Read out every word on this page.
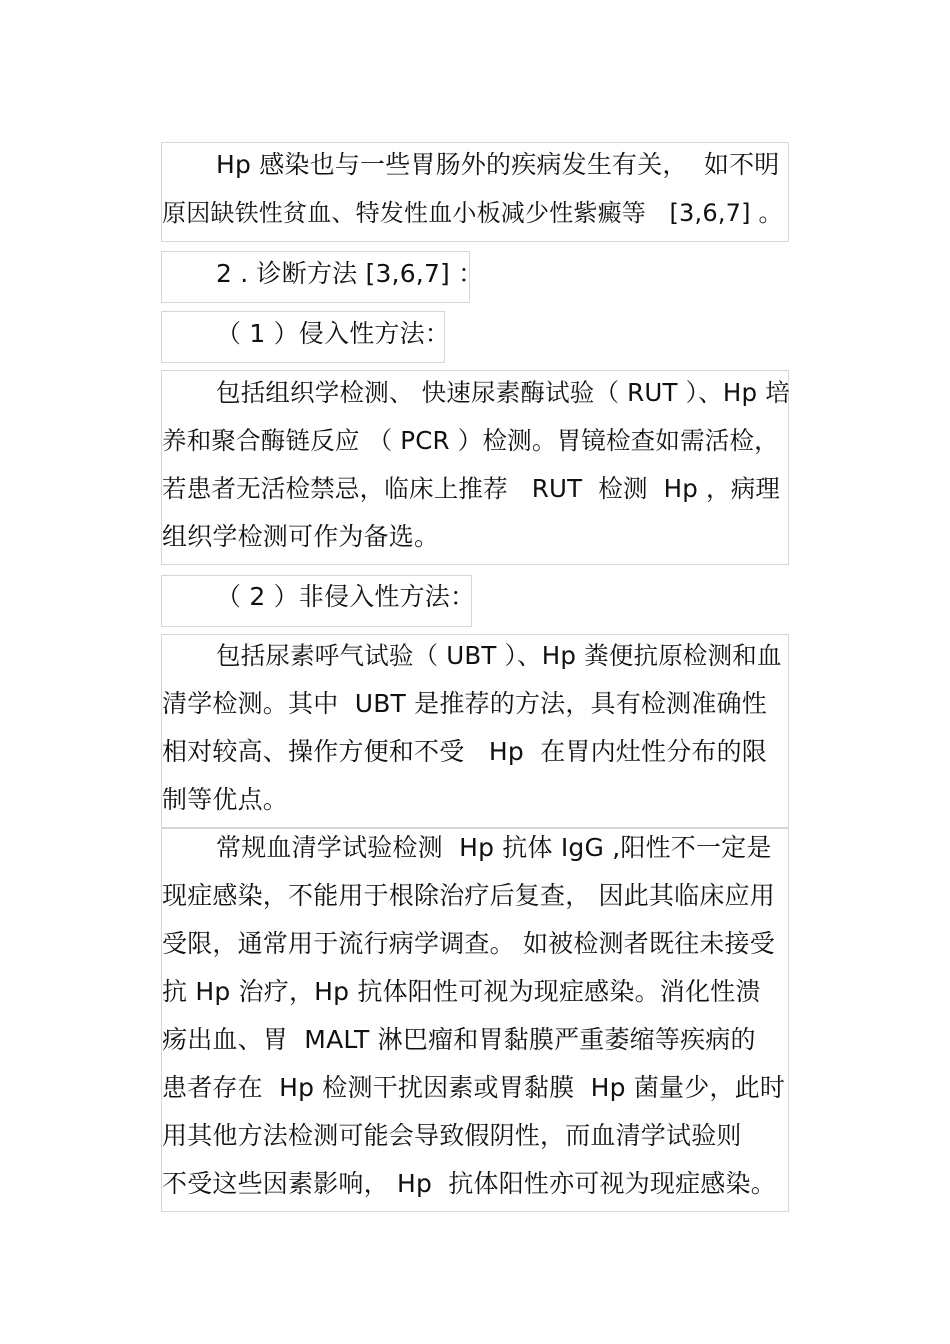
Hp 感染也与一些胃肠外的疾病发生有关，  如不明
原因缺铁性贫血、特发性血小板减少性紫癜等   [3,6,7] 。
2 . 诊断方法 [3,6,7] ：
（ 1 ）侵入性方法：
包括组织学检测、 快速尿素酶试验（ RUT ）、Hp 培
养和聚合酶链反应 （ PCR ）检测。胃镜检查如需活检，
若患者无活检禁忌，临床上推荐   RUT  检测  Hp ，病理
组织学检测可作为备选。
（ 2 ）非侵入性方法：
包括尿素呼气试验（ UBT ）、Hp 粪便抗原检测和血
清学检测。其中  UBT 是推荐的方法，具有检测准确性
相对较高、操作方便和不受   Hp  在胃内灶性分布的限
制等优点。
常规血清学试验检测  Hp 抗体 IgG ,阳性不一定是
现症感染，不能用于根除治疗后复查， 因此其临床应用
受限，通常用于流行病学调查。 如被检测者既往未接受
抗 Hp 治疗，Hp 抗体阳性可视为现症感染。消化性溃
疡出血、胃  MALT 淋巴瘤和胃黏膜严重萎缩等疾病的
患者存在  Hp 检测干扰因素或胃黏膜  Hp 菌量少，此时
用其他方法检测可能会导致假阴性，而血清学试验则
不受这些因素影响， Hp  抗体阳性亦可视为现症感染。
